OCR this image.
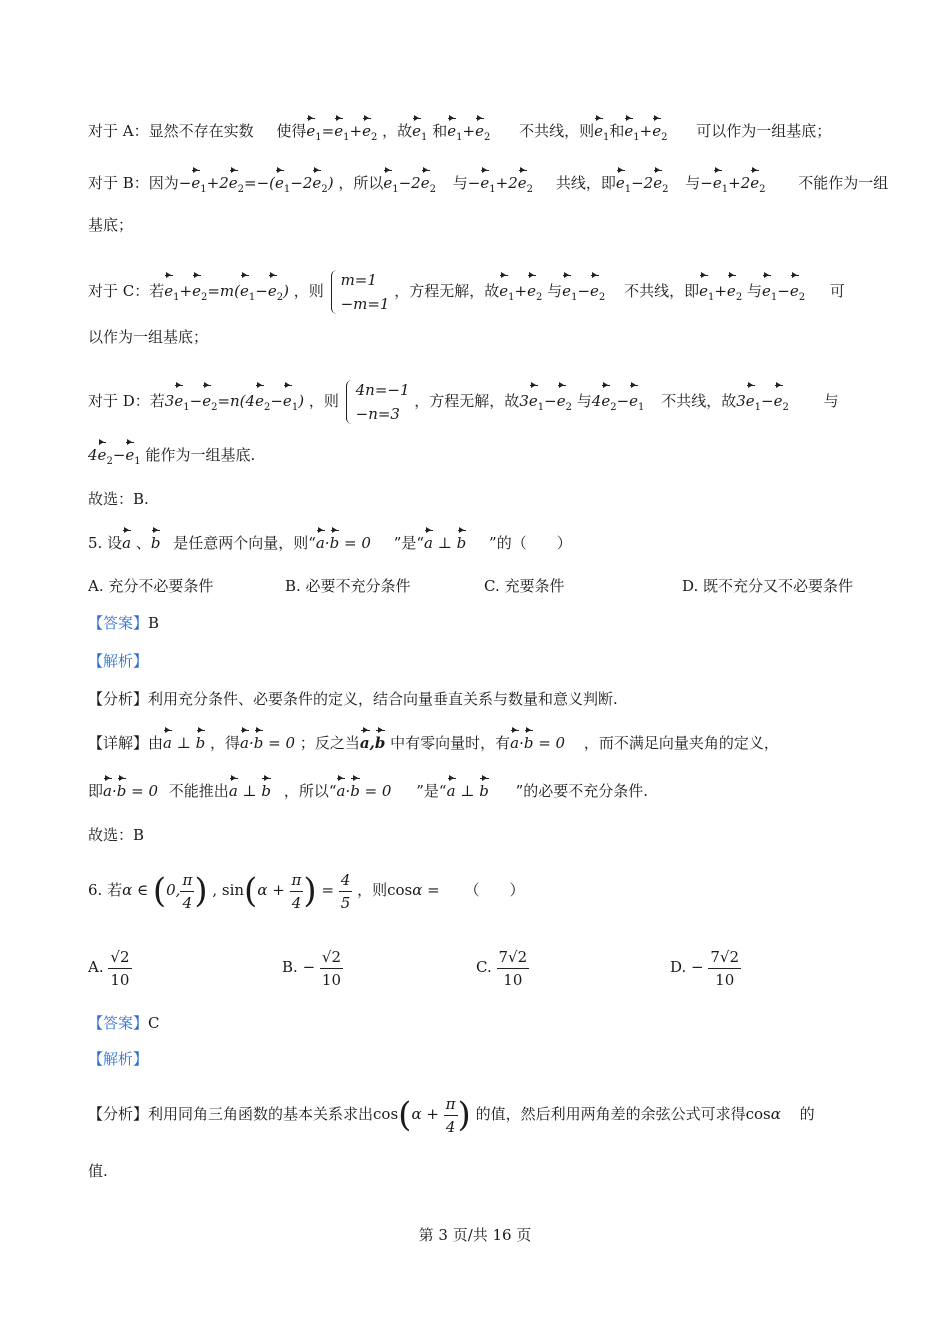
对于 A：显然不存在实数 使得$e_1=e_1+e_2$ ，故$e_1$ 和$e_1+e_2$ 不共线，则$e_1$和$e_1+e_2$ 可以作为一组基底；
对于 B：因为$-e_1+2e_2=-(e_1-2e_2)$ ，所以$e_1-2e_2$ 与$-e_1+2e_2$ 共线，即$e_1-2e_2$ 与$-e_1+2e_2$ 不能作为一组
基底；
对于 C：若$e_1+e_2=m(e_1-e_2)$ ，则 m=1
−m=1 ，方程无解，故$e_1+e_2$ 与$e_1-e_2$ 不共线，即$e_1+e_2$ 与$e_1-e_2$ 可
以作为一组基底；
对于 D：若$3e_1-e_2=n(4e_2-e_1)$ ，则 4n=−1
−n=3 ，方程无解，故$3e_1-e_2$ 与$4e_2-e_1$ 不共线，故$3e_1-e_2$ 与
$4e_2-e_1$ 能作为一组基底.
故选：B.
5. 设a 、b 是任意两个向量，则“a·b = 0 ”是“a ⊥ b ”的（　　）
A. 充分不必要条件	B. 必要不充分条件	C. 充要条件	D. 既不充分又不必要条件
【答案】B
【解析】
【分析】利用充分条件、必要条件的定义，结合向量垂直关系与数量和意义判断.
【详解】由a ⊥ b ，得a·b = 0 ；反之当a,b 中有零向量时，有a·b = 0 ，而不满足向量夹角的定义，
即a·b = 0 不能推出a ⊥ b ，所以“a·b = 0 ”是“a ⊥ b ”的必要不充分条件.
故选：B
6. 若α ∈ (0, $\frac{\pi}{4}$ ) , $\sin(\alpha + \frac{\pi}{4}$ ) = $\frac{4}{5}$ ，则cosα = （　　）
A. $\frac{√2}{10}$	B. − $\frac{√2}{10}$	C. $\frac{7√2}{10}$	D. − $\frac{7√2}{10}$
【答案】C
【解析】
【分析】利用同角三角函数的基本关系求出$\cos(\alpha + \frac{\pi}{4}$ ) 的值，然后利用两角差的余弦公式可求得cosα 的
值.
第 3 页/共 16 页
